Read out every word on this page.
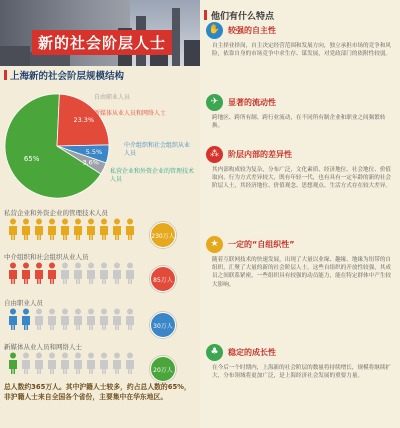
新的社会阶层人士
上海新的社会阶层规模结构
65%
23.3%
5.5%
3.6%
自由职业人员
新媒体从业人员和网络人士
中介组织和社会组织从业人员
私营企业和外资企业的管理技术人员
私营企业和外资企业的管理技术人员
230万人
中介组织和社会组织从业人员
85万人
自由职业人员
30万人
新媒体从业人员和网络人士
20万人
总人数约365万人。其中沪籍人士较多，约占总人数的65%，非沪籍人士来自全国各个省份，主要集中在华东地区。
他们有什么特点
✋ 较强的自主性
自主择业择岗，自主决定经营范围和发展方向，独立承担市场的竞争和风险，依靠自身的市场竞争中求生存、谋发展，对党政部门的依附性较弱。
✈ 显著的流动性
跨地区、跨所有制、跨行业流动，在不同所有制企业和职业之间频繁转换。
⁂ 阶层内部的差异性
其内部构成较为复杂，分布广泛，文化素质、经济地位、社会地位、价值取向、行为方式差异较大，既有年轻一代，也有具有一定年龄的新的社会阶层人士，其经济地位、价值观念、思想观点、生活方式存在较大差异。
★ 一定的“自组织性”
随着互联网技术的快速发展，出现了大量以业缘、趣缘、地缘为纽带的自组织，汇聚了大量的新的社会阶层人士，这些自组织的开放性较强，其成员之间联系紧密，一些组织具有较强的动员能力，能在特定群体中产生较大影响。
♣ 稳定的成长性
在今后一个时期内，上海新的社会阶层的数量将持续增长，规模将继续扩大，分布领域将更加广泛，是上海经济社会发展的重要力量。
